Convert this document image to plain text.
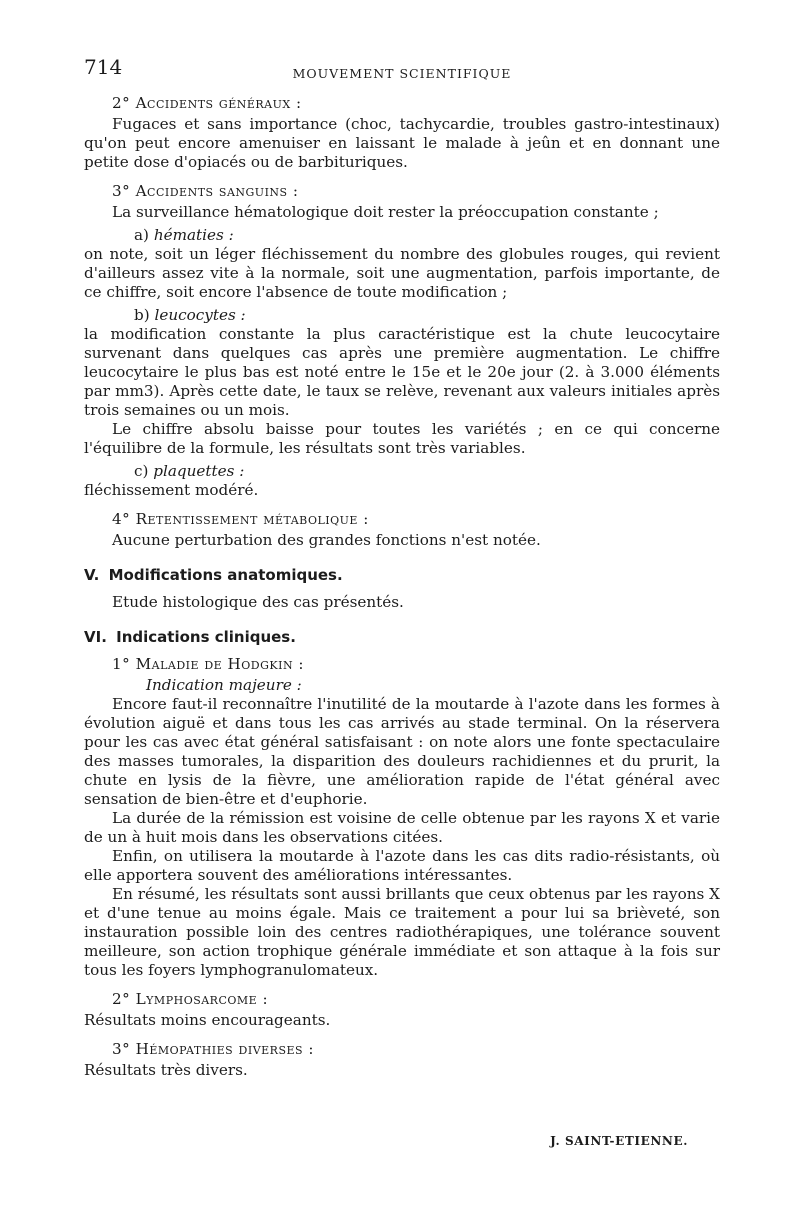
714	MOUVEMENT SCIENTIFIQUE
2° Accidents généraux :

Fugaces et sans importance (choc, tachycardie, troubles gastro-intestinaux) qu'on peut encore amenuiser en laissant le malade à jeûn et en donnant une petite dose d'opiacés ou de barbituriques.

3° Accidents sanguins :

La surveillance hématologique doit rester la préoccupation constante ;

a) hématies :

on note, soit un léger fléchissement du nombre des globules rouges, qui revient d'ailleurs assez vite à la normale, soit une augmentation, parfois importante, de ce chiffre, soit encore l'absence de toute modification ;

b) leucocytes :

la modification constante la plus caractéristique est la chute leucocytaire survenant dans quelques cas après une première augmentation. Le chiffre leucocytaire le plus bas est noté entre le 15e et le 20e jour (2. à 3.000 éléments par mm3). Après cette date, le taux se relève, revenant aux valeurs initiales après trois semaines ou un mois.

Le chiffre absolu baisse pour toutes les variétés ; en ce qui concerne l'équilibre de la formule, les résultats sont très variables.

c) plaquettes :

fléchissement modéré.

4° Retentissement métabolique :

Aucune perturbation des grandes fonctions n'est notée.

V. Modifications anatomiques.

Etude histologique des cas présentés.

VI. Indications cliniques.
1° Maladie de Hodgkin :
Indication majeure :

Encore faut-il reconnaître l'inutilité de la moutarde à l'azote dans les formes à évolution aiguë et dans tous les cas arrivés au stade terminal. On la réservera pour les cas avec état général satisfaisant : on note alors une fonte spectaculaire des masses tumorales, la disparition des douleurs rachidiennes et du prurit, la chute en lysis de la fièvre, une amélioration rapide de l'état général avec sensation de bien-être et d'euphorie.

La durée de la rémission est voisine de celle obtenue par les rayons X et varie de un à huit mois dans les observations citées.

Enfin, on utilisera la moutarde à l'azote dans les cas dits radio-résistants, où elle apportera souvent des améliorations intéressantes.

En résumé, les résultats sont aussi brillants que ceux obtenus par les rayons X et d'une tenue au moins égale. Mais ce traitement a pour lui sa brièveté, son instauration possible loin des centres radiothérapiques, une tolérance souvent meilleure, son action trophique générale immédiate et son attaque à la fois sur tous les foyers lymphogranulomateux.

2° Lymphosarcome :

Résultats moins encourageants.

3° Hémopathies diverses :

Résultats très divers.

J. SAINT-ETIENNE.
